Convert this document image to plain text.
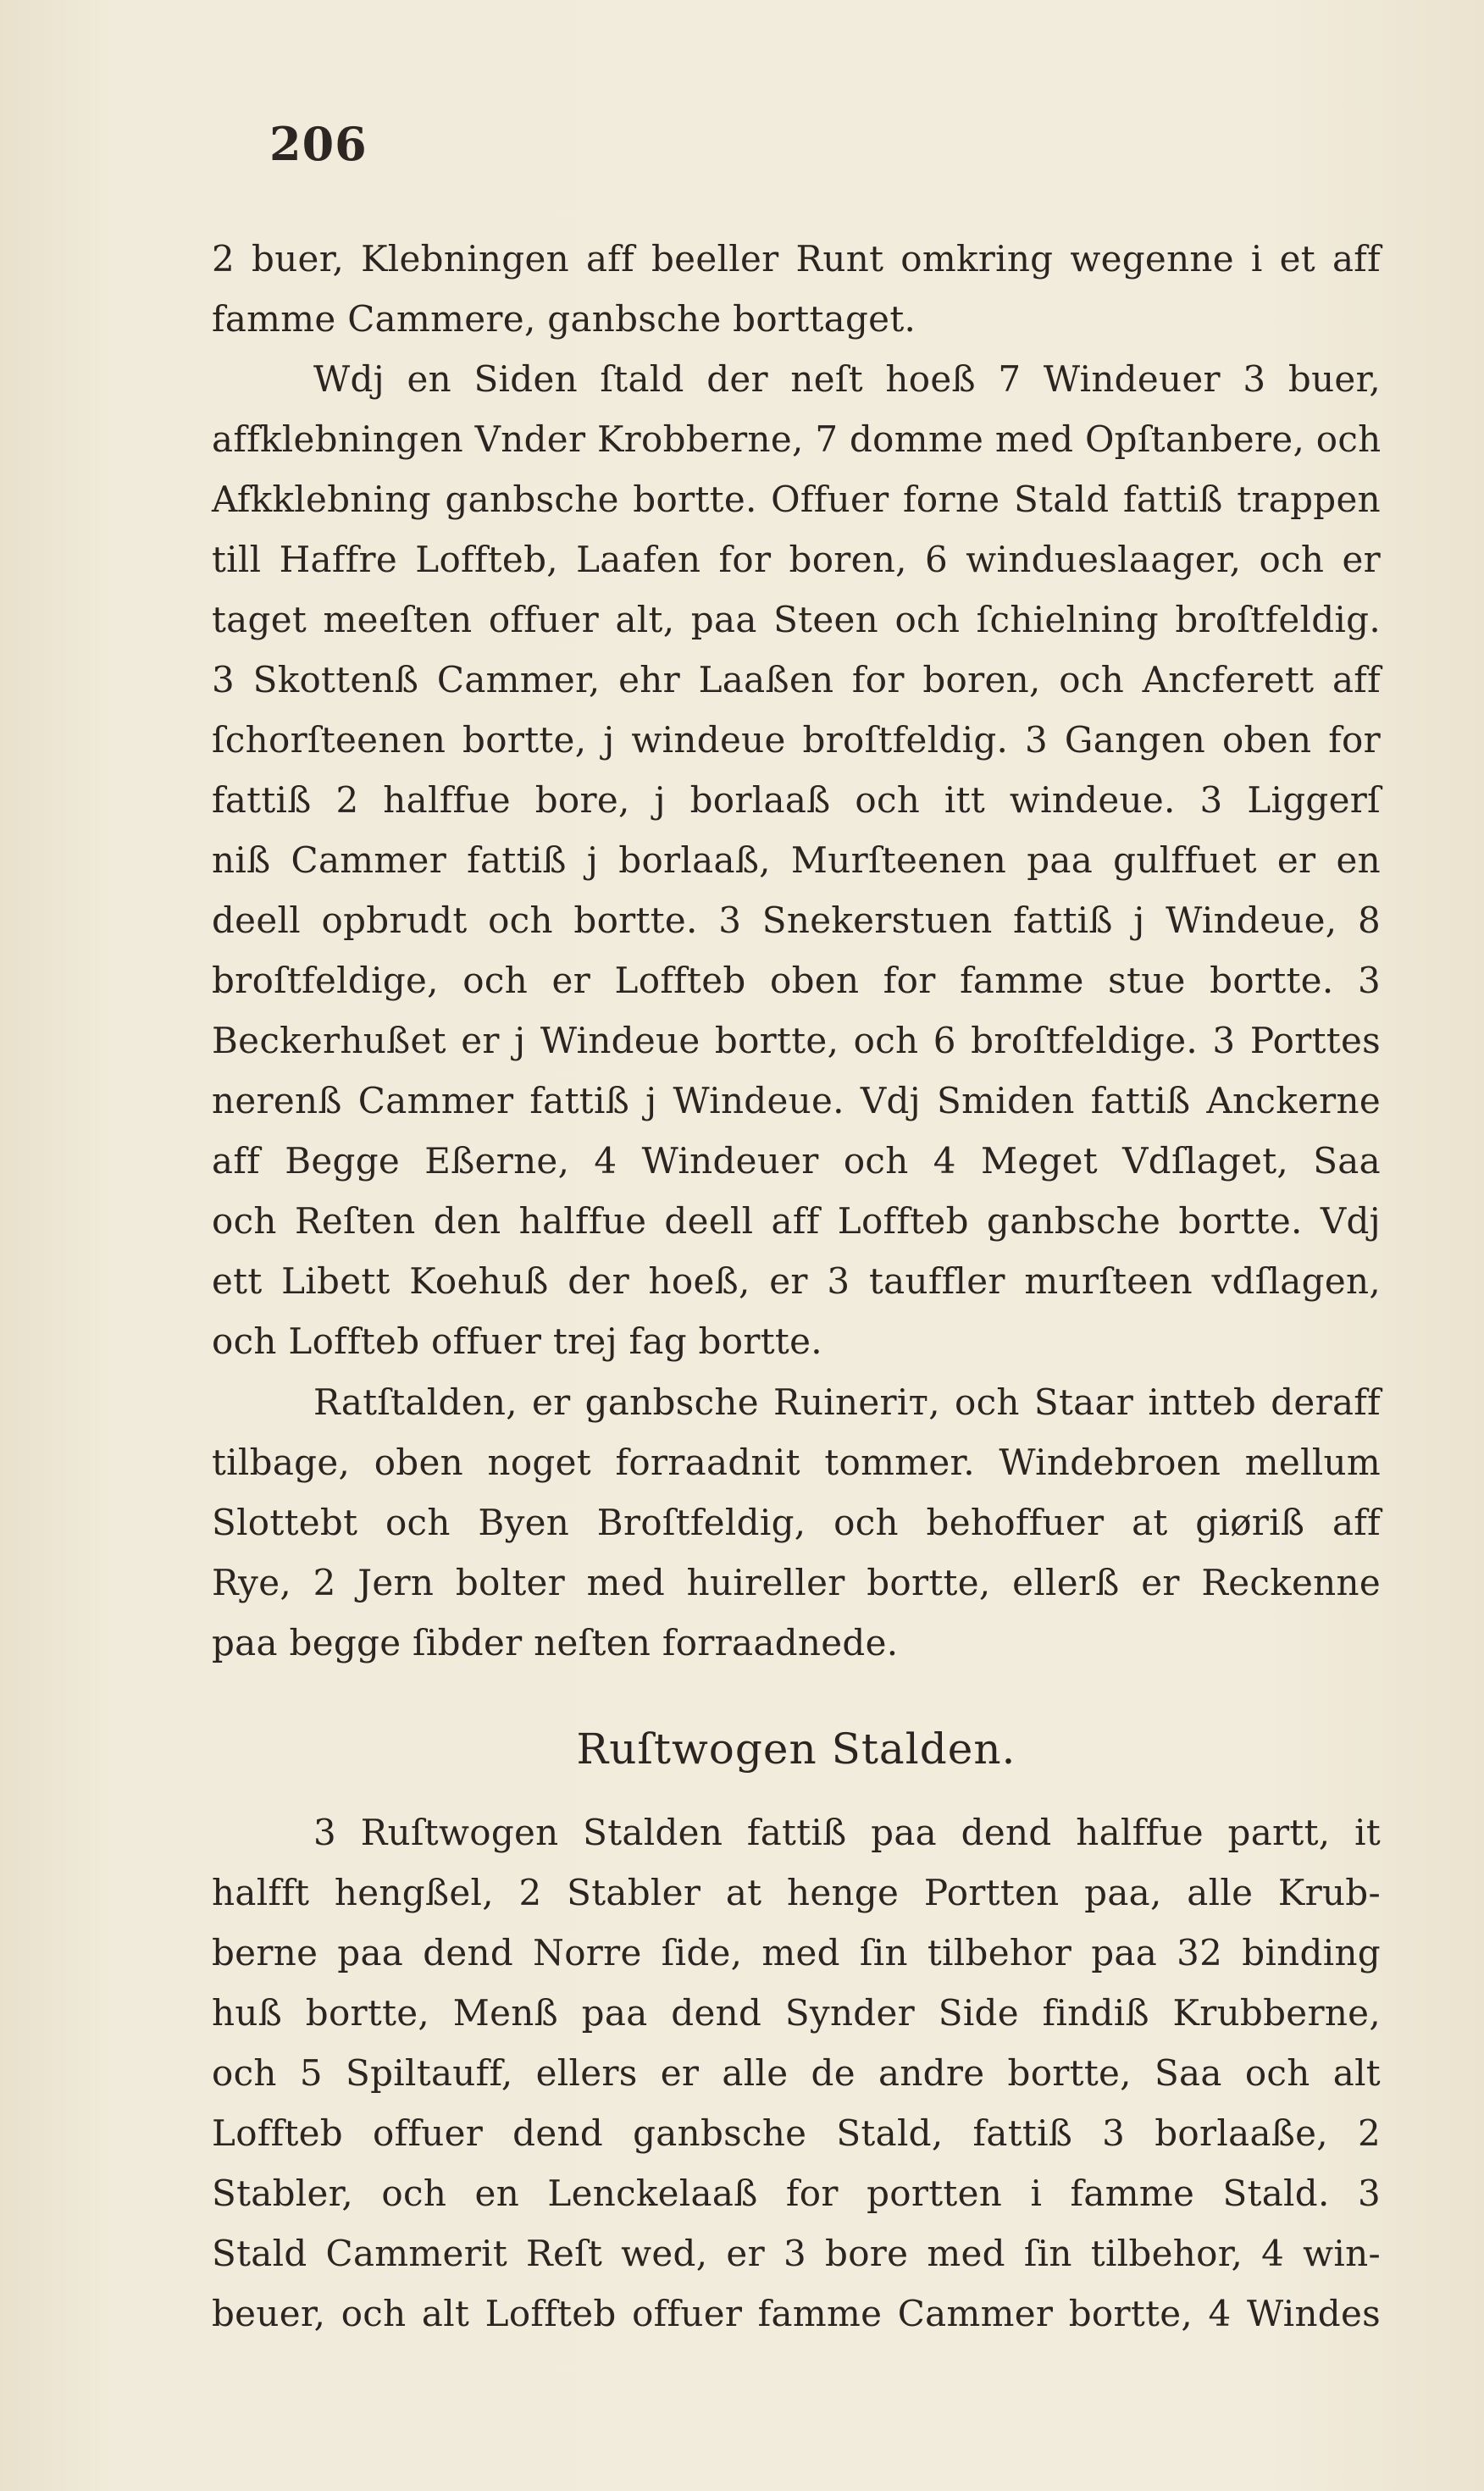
206
2 buer, Klebningen aff beeller Runt omkring wegenne i et aff
famme Cammere, ganbsche borttaget.
Wdj en Siden ſtald der neſt hoeß 7 Windeuer 3 buer,
affklebningen Vnder Krobberne, 7 domme med Opſtanbere, och
Afkklebning ganbsche bortte. Offuer forne Stald fattiß trappen
till Haffre Loffteb, Laafen for boren, 6 windueslaager, och er
taget meeſten offuer alt, paa Steen och ſchielning broſtfeldig.
3 Skottenß Cammer, ehr Laaßen for boren, och Ancferett aff
ſchorſteenen bortte, j windeue broſtfeldig. 3 Gangen oben for
fattiß 2 halffue bore, j borlaaß och itt windeue. 3 Liggerſ
niß Cammer fattiß j borlaaß, Murſteenen paa gulffuet er en
deell opbrudt och bortte. 3 Snekerstuen fattiß j Windeue, 8
broſtfeldige, och er Loffteb oben for famme stue bortte. 3
Beckerhußet er j Windeue bortte, och 6 broſtfeldige. 3 Porttes
nerenß Cammer fattiß j Windeue. Vdj Smiden fattiß Anckerne
aff Begge Eßerne, 4 Windeuer och 4 Meget Vdſlaget, Saa
och Reſten den halffue deell aff Loffteb ganbsche bortte. Vdj
ett Libett Koehuß der hoeß, er 3 tauffler murſteen vdſlagen,
och Loffteb offuer trej fag bortte.
Ratſtalden, er ganbsche Ruineriт, och Staar intteb deraff
tilbage, oben noget forraadnit tommer. Windebroen mellum
Slottebt och Byen Broſtfeldig, och behoffuer at giøriß aff
Rye, 2 Jern bolter med huireller bortte, ellerß er Reckenne
paa begge ſibder neſten forraadnede.
Ruſtwogen Stalden.
3 Ruſtwogen Stalden fattiß paa dend halffue partt, it
halfft hengßel, 2 Stabler at henge Portten paa, alle Krub-
berne paa dend Norre ſide, med ſin tilbehor paa 32 binding
huß bortte, Menß paa dend Synder Side findiß Krubberne,
och 5 Spiltauff, ellers er alle de andre bortte, Saa och alt
Loffteb offuer dend ganbsche Stald, fattiß 3 borlaaße, 2
Stabler, och en Lenckelaaß for portten i famme Stald. 3
Stald Cammerit Reſt wed, er 3 bore med ſin tilbehor, 4 win-
beuer, och alt Loffteb offuer famme Cammer bortte, 4 Windes
